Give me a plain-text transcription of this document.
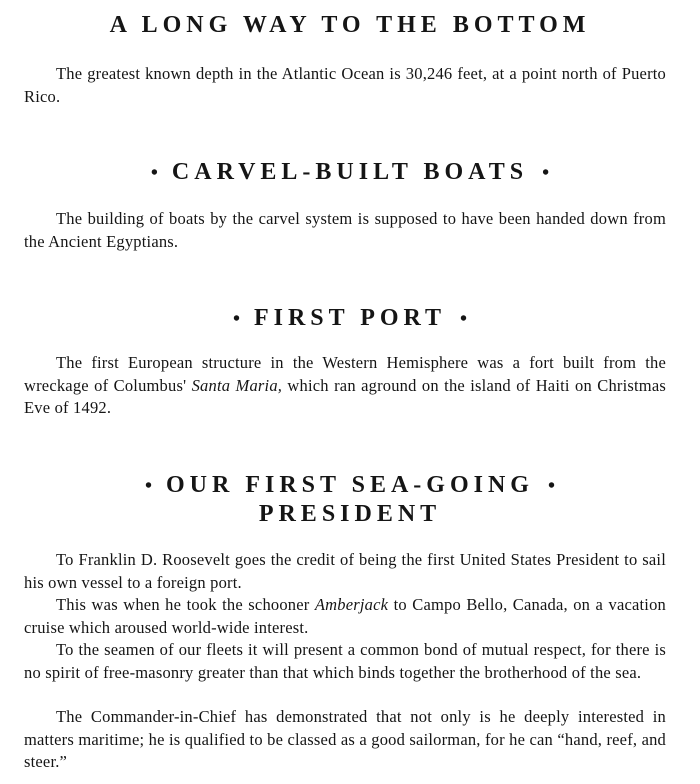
A LONG WAY TO THE BOTTOM

The greatest known depth in the Atlantic Ocean is 30,246 feet, at a point north of Puerto Rico.

• CARVEL-BUILT BOATS •

The building of boats by the carvel system is supposed to have been handed down from the Ancient Egyptians.

• FIRST PORT •

The first European structure in the Western Hemisphere was a fort built from the wreckage of Columbus' Santa Maria, which ran aground on the island of Haiti on Christmas Eve of 1492.

• OUR FIRST SEA-GOING •
PRESIDENT

To Franklin D. Roosevelt goes the credit of being the first United States President to sail his own vessel to a foreign port.

This was when he took the schooner Amberjack to Campo Bello, Canada, on a vacation cruise which aroused world-wide interest.

To the seamen of our fleets it will present a common bond of mutual respect, for there is no spirit of free-masonry greater than that which binds together the brotherhood of the sea.

The Commander-in-Chief has demonstrated that not only is he deeply interested in matters maritime; he is qualified to be classed as a good sailorman, for he can “hand, reef, and steer.”
